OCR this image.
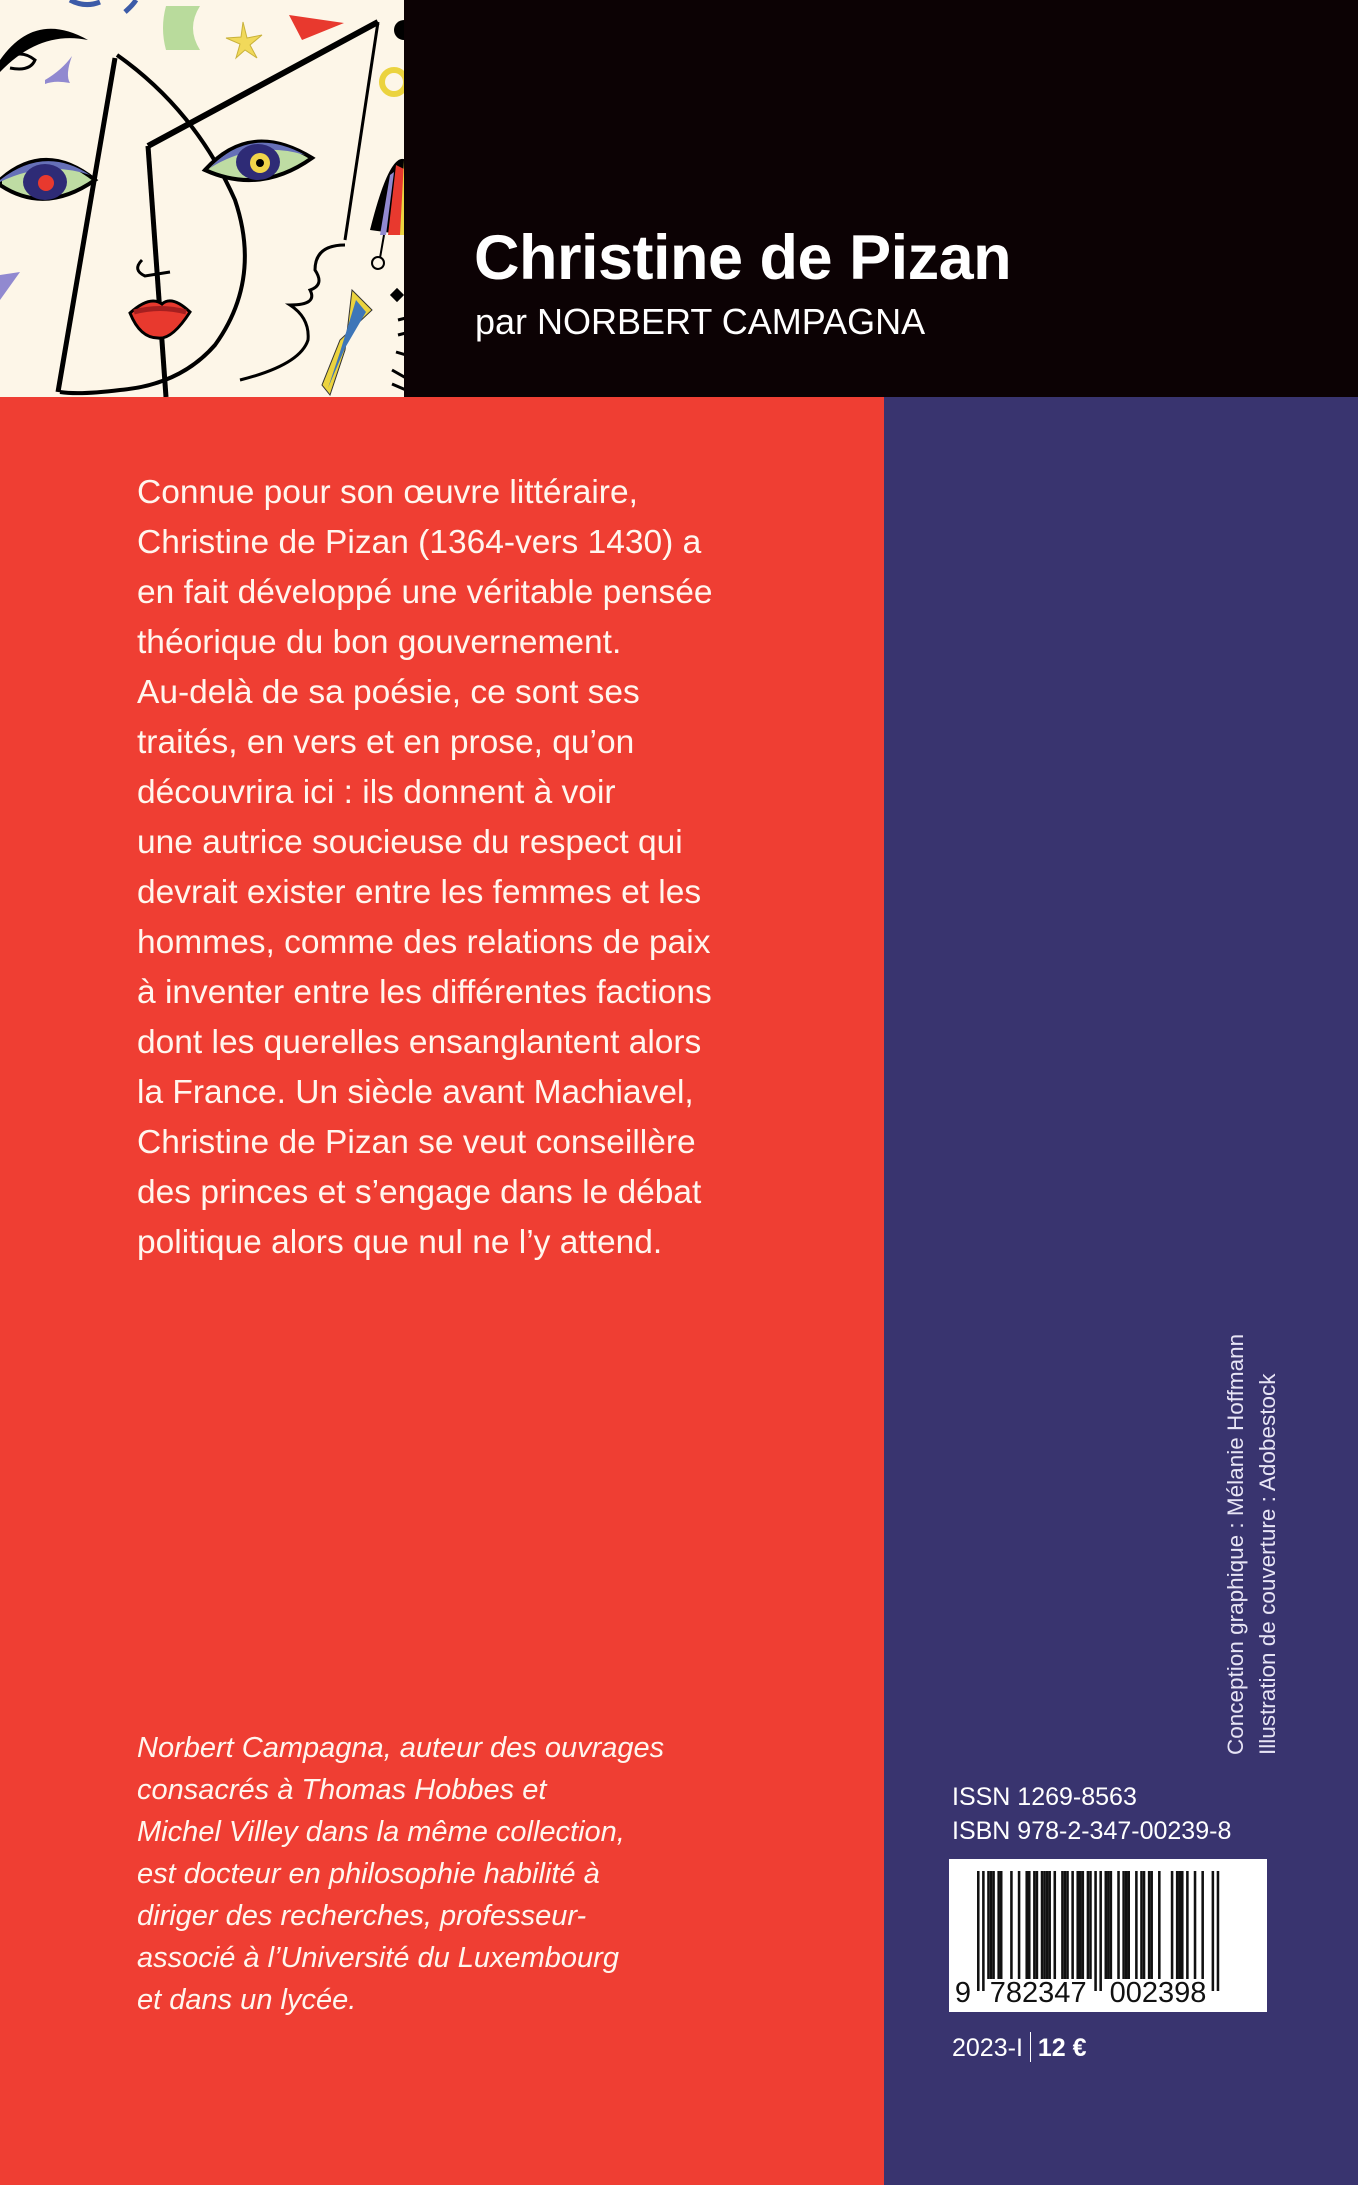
Christine de Pizan

par NORBERT CAMPAGNA

Connue pour son œuvre littéraire,
Christine de Pizan (1364-vers 1430) a
en fait développé une véritable pensée
théorique du bon gouvernement.
Au-delà de sa poésie, ce sont ses
traités, en vers et en prose, qu’on
découvrira ici : ils donnent à voir
une autrice soucieuse du respect qui
devrait exister entre les femmes et les
hommes, comme des relations de paix
à inventer entre les différentes factions
dont les querelles ensanglantent alors
la France. Un siècle avant Machiavel,
Christine de Pizan se veut conseillère
des princes et s’engage dans le débat
politique alors que nul ne l’y attend.
Norbert Campagna, auteur des ouvrages
consacrés à Thomas Hobbes et
Michel Villey dans la même collection,
est docteur en philosophie habilité à
diriger des recherches, professeur-
associé à l’Université du Luxembourg
et dans un lycée.
Conception graphique : Mélanie Hoffmann Illustration de couverture : Adobestock
ISSN 1269-8563
ISBN 978-2-347-00239-8
9 782347 002398
2023-I 12 €
